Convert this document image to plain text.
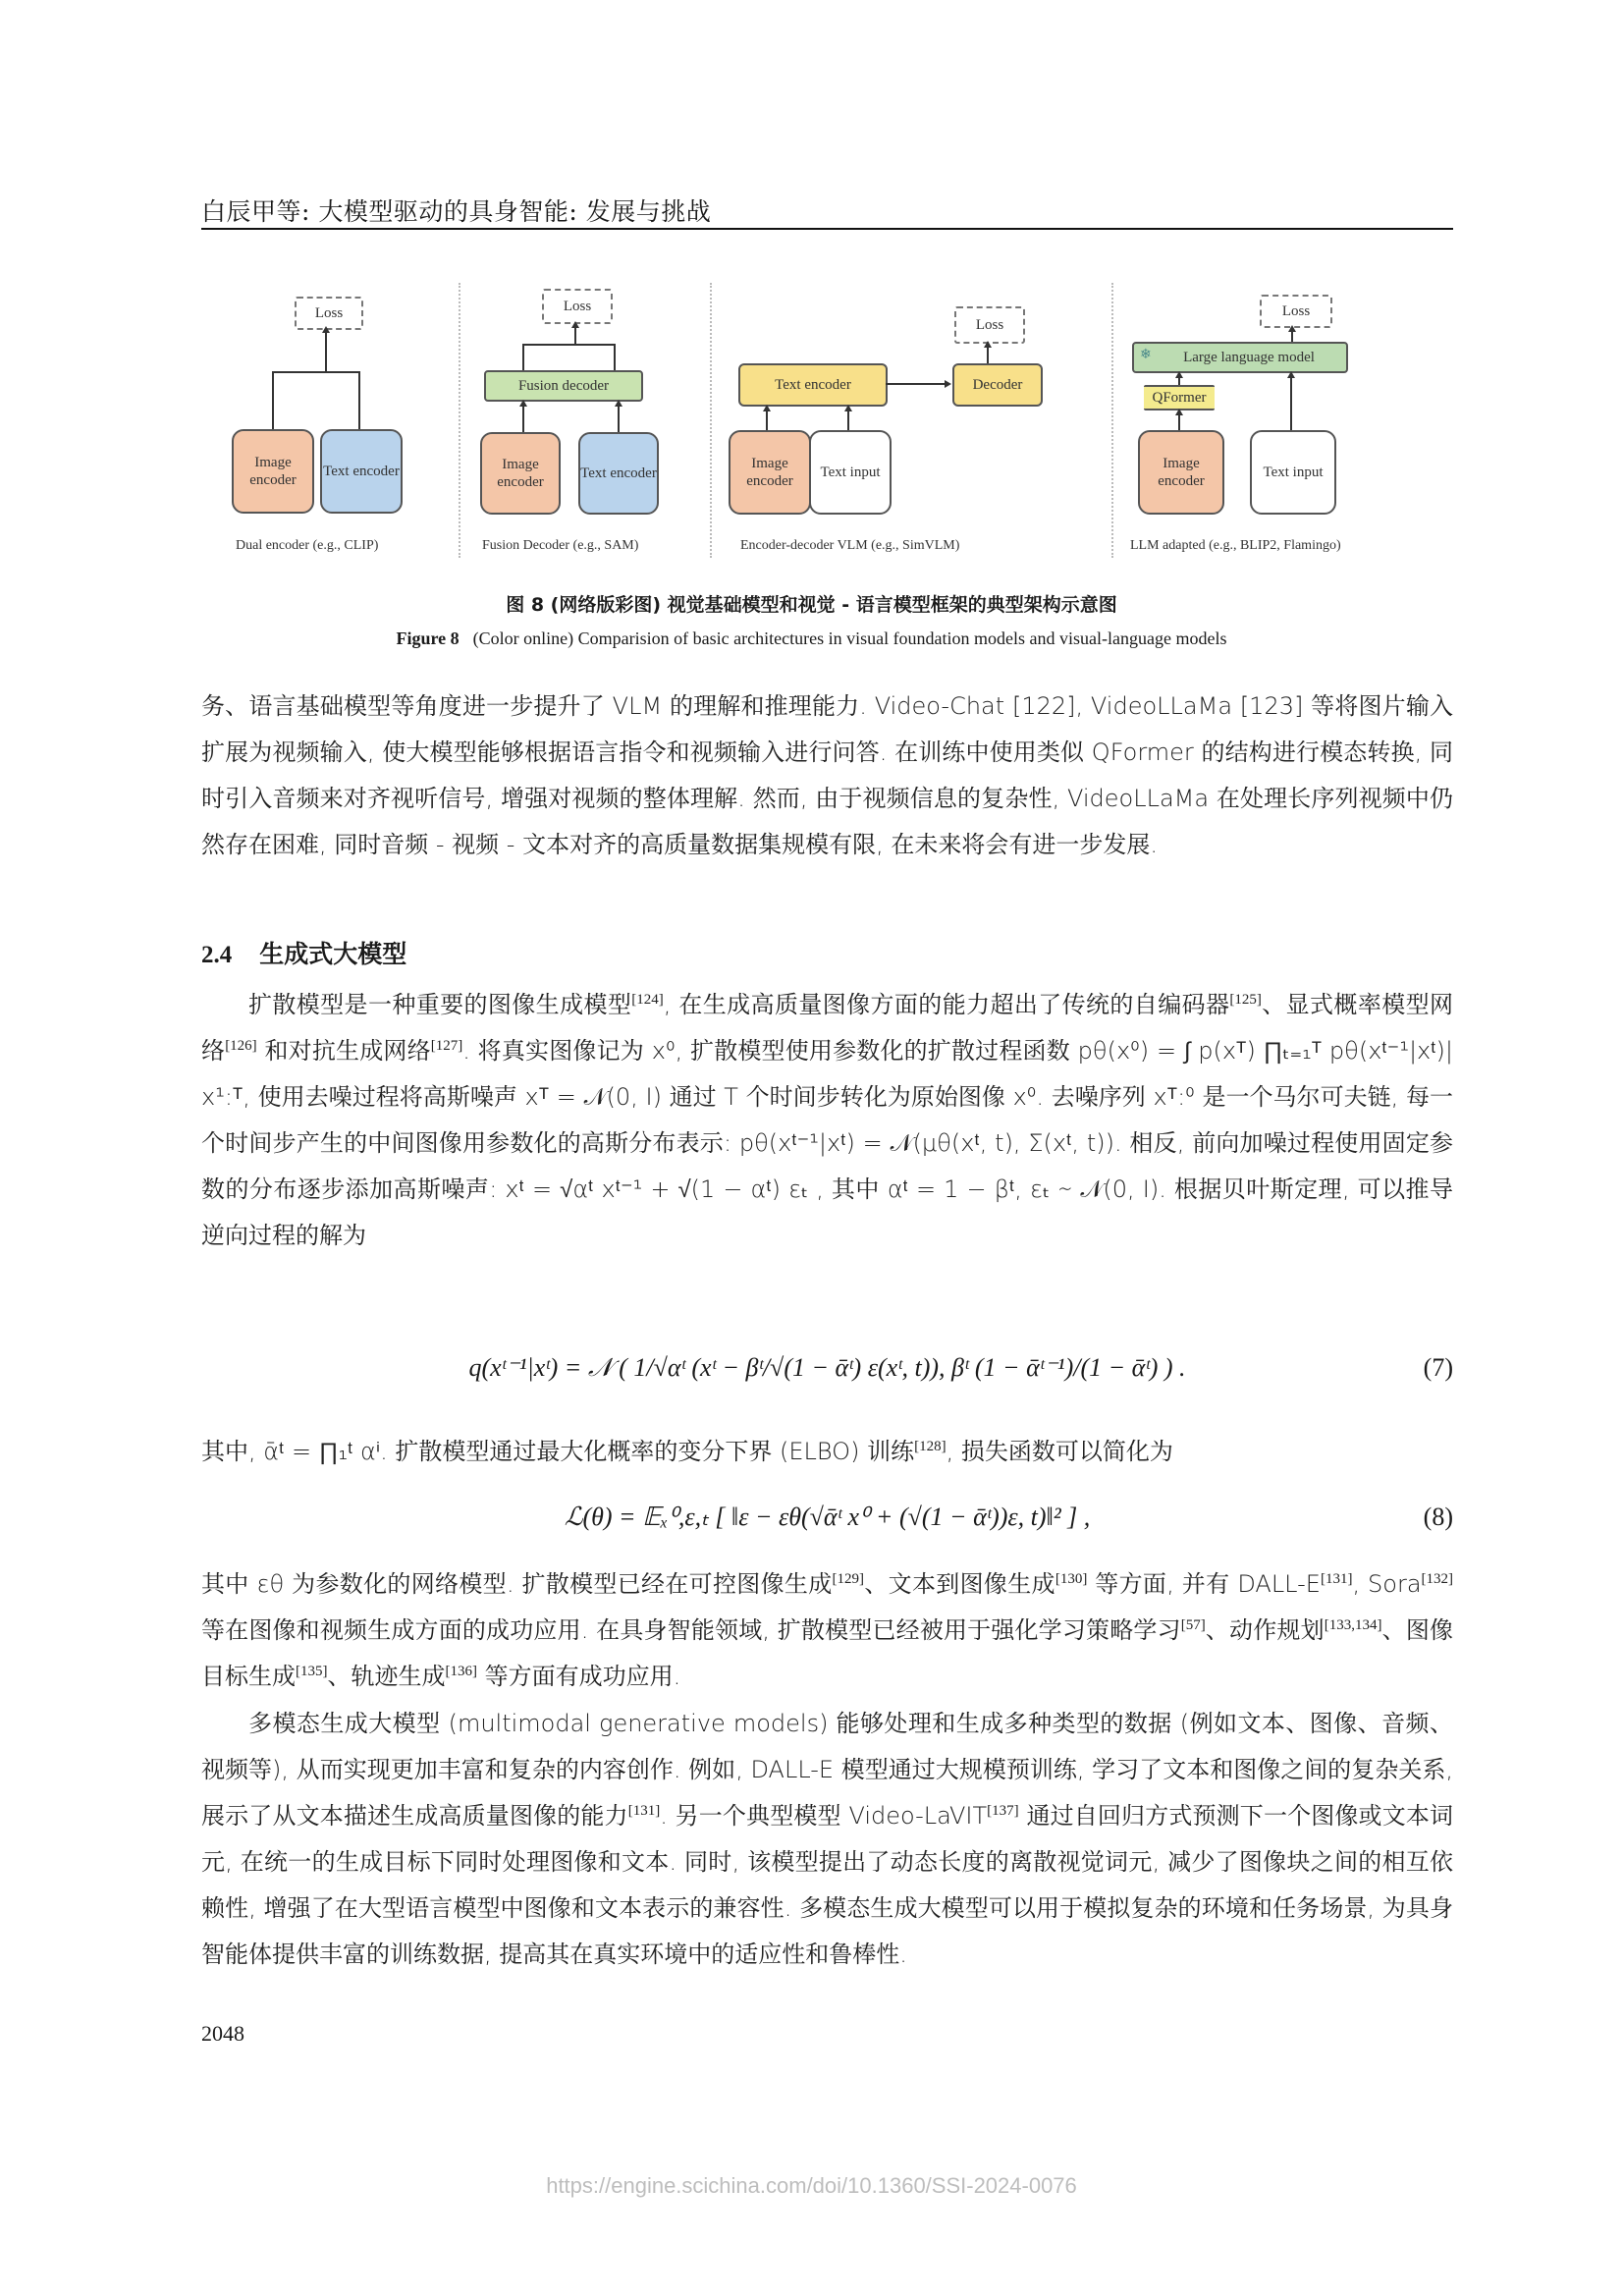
白辰甲等: 大模型驱动的具身智能: 发展与挑战
Loss
Image encoder
Text encoder
Dual encoder (e.g., CLIP)
Loss
Fusion decoder
Image encoder
Text encoder
Fusion Decoder (e.g., SAM)
Loss
Text encoder	Decoder
Image encoder
Text input
Encoder-decoder VLM (e.g., SimVLM)
Loss
❄ Large language model
QFormer
Image encoder
Text input
LLM adapted (e.g., BLIP2, Flamingo)
图 8 (网络版彩图) 视觉基础模型和视觉 - 语言模型框架的典型架构示意图
Figure 8 (Color online) Comparision of basic architectures in visual foundation models and visual-language models
务、语言基础模型等角度进一步提升了 VLM 的理解和推理能力. Video-Chat [122], VideoLLaMa [123] 等将图片输入扩展为视频输入, 使大模型能够根据语言指令和视频输入进行问答. 在训练中使用类似 QFormer 的结构进行模态转换, 同时引入音频来对齐视听信号, 增强对视频的整体理解. 然而, 由于视频信息的复杂性, VideoLLaMa 在处理长序列视频中仍然存在困难, 同时音频 - 视频 - 文本对齐的高质量数据集规模有限, 在未来将会有进一步发展.
2.4 生成式大模型
扩散模型是一种重要的图像生成模型[124], 在生成高质量图像方面的能力超出了传统的自编码器[125]、显式概率模型网络[126] 和对抗生成网络[127]. 将真实图像记为 x⁰, 扩散模型使用参数化的扩散过程函数 pθ(x⁰) = ∫ p(xᵀ) ∏ₜ₌₁ᵀ pθ(xᵗ⁻¹|xᵗ)| x¹:ᵀ, 使用去噪过程将高斯噪声 xᵀ = 𝒩(0, I) 通过 T 个时间步转化为原始图像 x⁰. 去噪序列 xᵀ:⁰ 是一个马尔可夫链, 每一个时间步产生的中间图像用参数化的高斯分布表示: pθ(xᵗ⁻¹|xᵗ) = 𝒩(μθ(xᵗ, t), Σ(xᵗ, t)). 相反, 前向加噪过程使用固定参数的分布逐步添加高斯噪声: xᵗ = √αᵗ xᵗ⁻¹ + √(1 − αᵗ) εₜ , 其中 αᵗ = 1 − βᵗ, εₜ ∼ 𝒩(0, I). 根据贝叶斯定理, 可以推导逆向过程的解为
q(xᵗ⁻¹|xᵗ) = 𝒩 ( 1/√αᵗ (xᵗ − βᵗ/√(1 − ᾱᵗ) ε(xᵗ, t)), βᵗ (1 − ᾱᵗ⁻¹)/(1 − ᾱᵗ) ) .	(7)
其中, ᾱᵗ = ∏₁ᵗ αⁱ. 扩散模型通过最大化概率的变分下界 (ELBO) 训练[128], 损失函数可以简化为
ℒ(θ) = 𝔼ₓ⁰,ε,ₜ [ ‖ε − εθ(√ᾱᵗ x⁰ + (√(1 − ᾱᵗ))ε, t)‖² ] ,	(8)
其中 εθ 为参数化的网络模型. 扩散模型已经在可控图像生成[129]、文本到图像生成[130] 等方面, 并有 DALL-E[131], Sora[132] 等在图像和视频生成方面的成功应用. 在具身智能领域, 扩散模型已经被用于强化学习策略学习[57]、动作规划[133,134]、图像目标生成[135]、轨迹生成[136] 等方面有成功应用.
多模态生成大模型 (multimodal generative models) 能够处理和生成多种类型的数据 (例如文本、图像、音频、视频等), 从而实现更加丰富和复杂的内容创作. 例如, DALL-E 模型通过大规模预训练, 学习了文本和图像之间的复杂关系, 展示了从文本描述生成高质量图像的能力[131]. 另一个典型模型 Video-LaVIT[137] 通过自回归方式预测下一个图像或文本词元, 在统一的生成目标下同时处理图像和文本. 同时, 该模型提出了动态长度的离散视觉词元, 减少了图像块之间的相互依赖性, 增强了在大型语言模型中图像和文本表示的兼容性. 多模态生成大模型可以用于模拟复杂的环境和任务场景, 为具身智能体提供丰富的训练数据, 提高其在真实环境中的适应性和鲁棒性.
2048
https://engine.scichina.com/doi/10.1360/SSI-2024-0076
